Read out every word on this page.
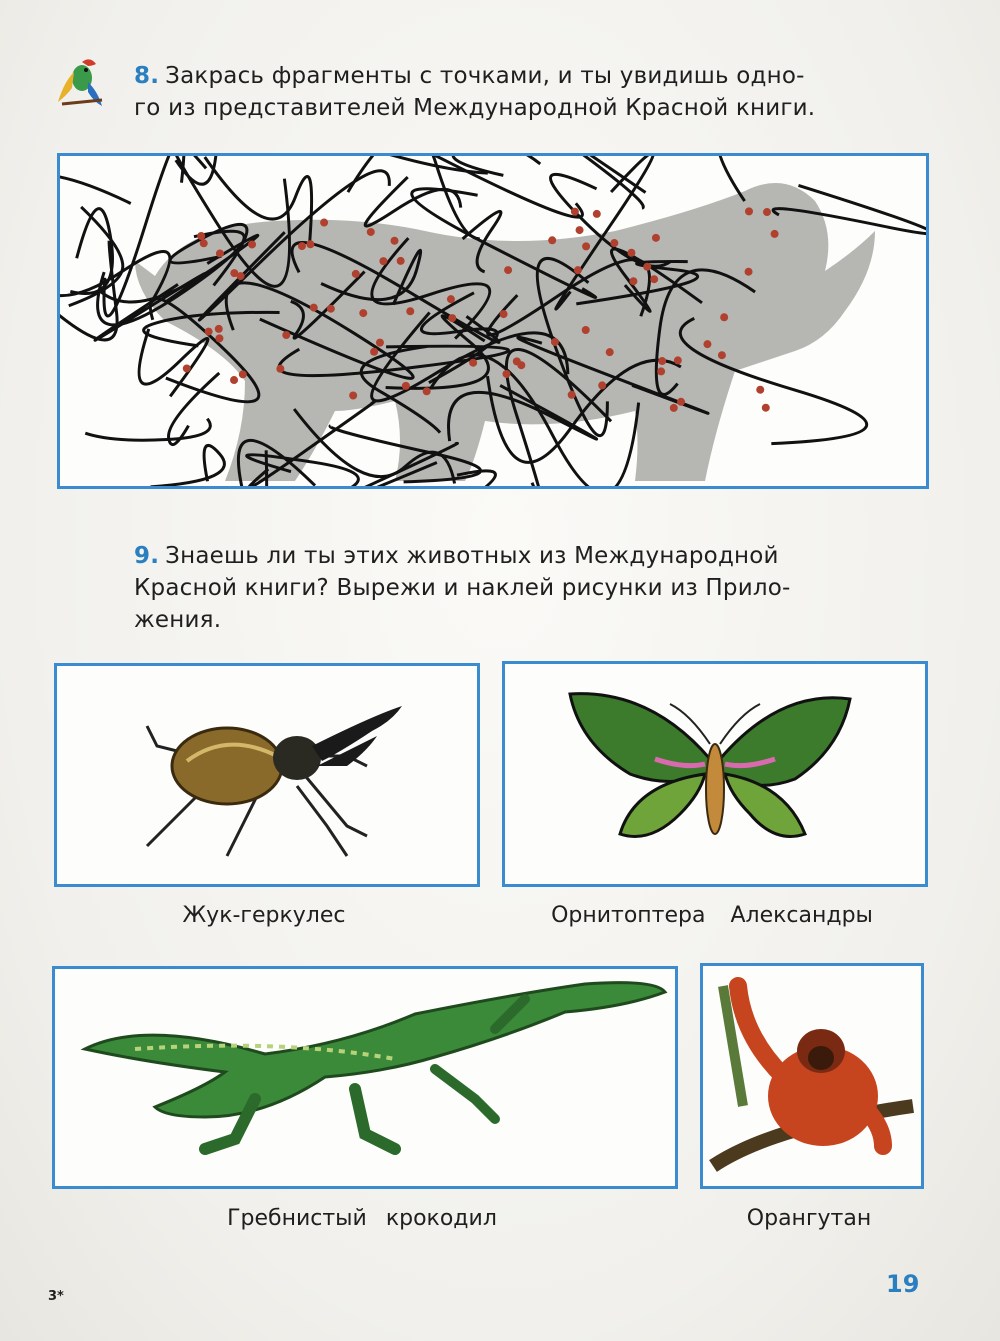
8. Закрась фрагменты с точками, и ты увидишь одно-
го из представителей Международной Красной книги.
9. Знаешь ли ты этих животных из Международной
Красной книги? Вырежи и наклей рисунки из Прило-
жения.
Жук-геркулес	Орнитоптера Александры
Гребнистый крокодил	Орангутан
3*	19
